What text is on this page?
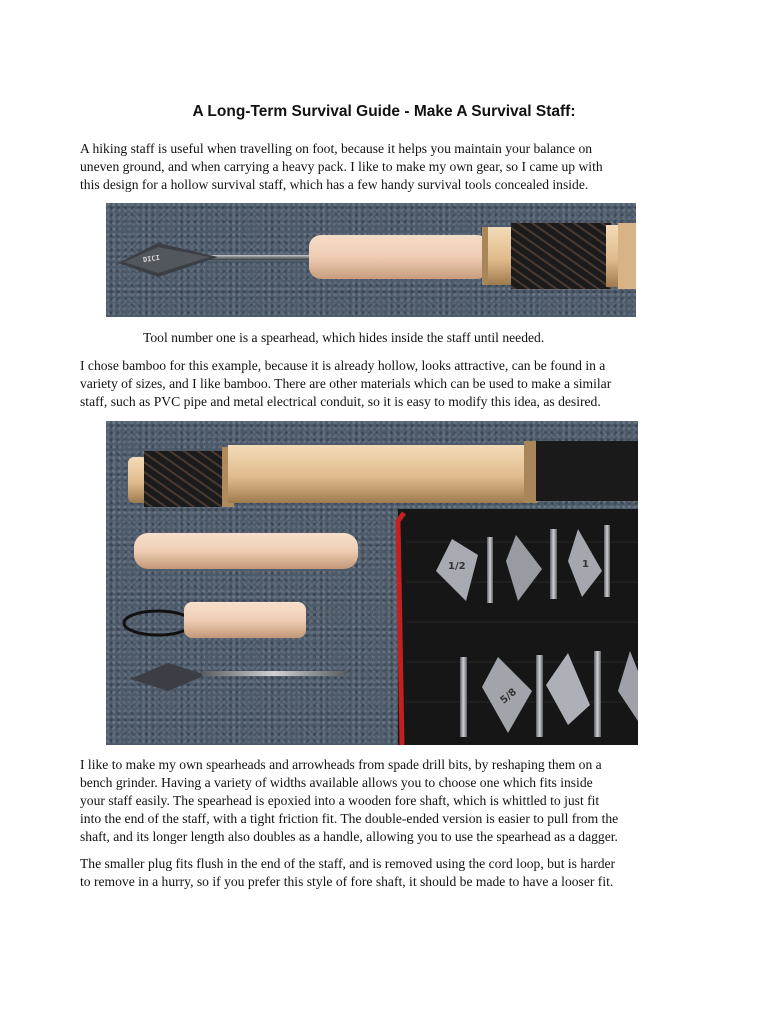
A Long-Term Survival Guide - Make A Survival Staff:
A hiking staff is useful when travelling on foot, because it helps you maintain your balance on
uneven ground, and when carrying a heavy pack. I like to make my own gear, so I came up with
this design for a hollow survival staff, which has a few handy survival tools concealed inside.
DICI
Tool number one is a spearhead, which hides inside the staff until needed.
I chose bamboo for this example, because it is already hollow, looks attractive, can be found in a
variety of sizes, and I like bamboo. There are other materials which can be used to make a similar
staff, such as PVC pipe and metal electrical conduit, so it is easy to modify this idea, as desired.
1/2	1
5/8
I like to make my own spearheads and arrowheads from spade drill bits, by reshaping them on a
bench grinder. Having a variety of widths available allows you to choose one which fits inside
your staff easily. The spearhead is epoxied into a wooden fore shaft, which is whittled to just fit
into the end of the staff, with a tight friction fit. The double-ended version is easier to pull from the
shaft, and its longer length also doubles as a handle, allowing you to use the spearhead as a dagger.
The smaller plug fits flush in the end of the staff, and is removed using the cord loop, but is harder
to remove in a hurry, so if you prefer this style of fore shaft, it should be made to have a looser fit.
